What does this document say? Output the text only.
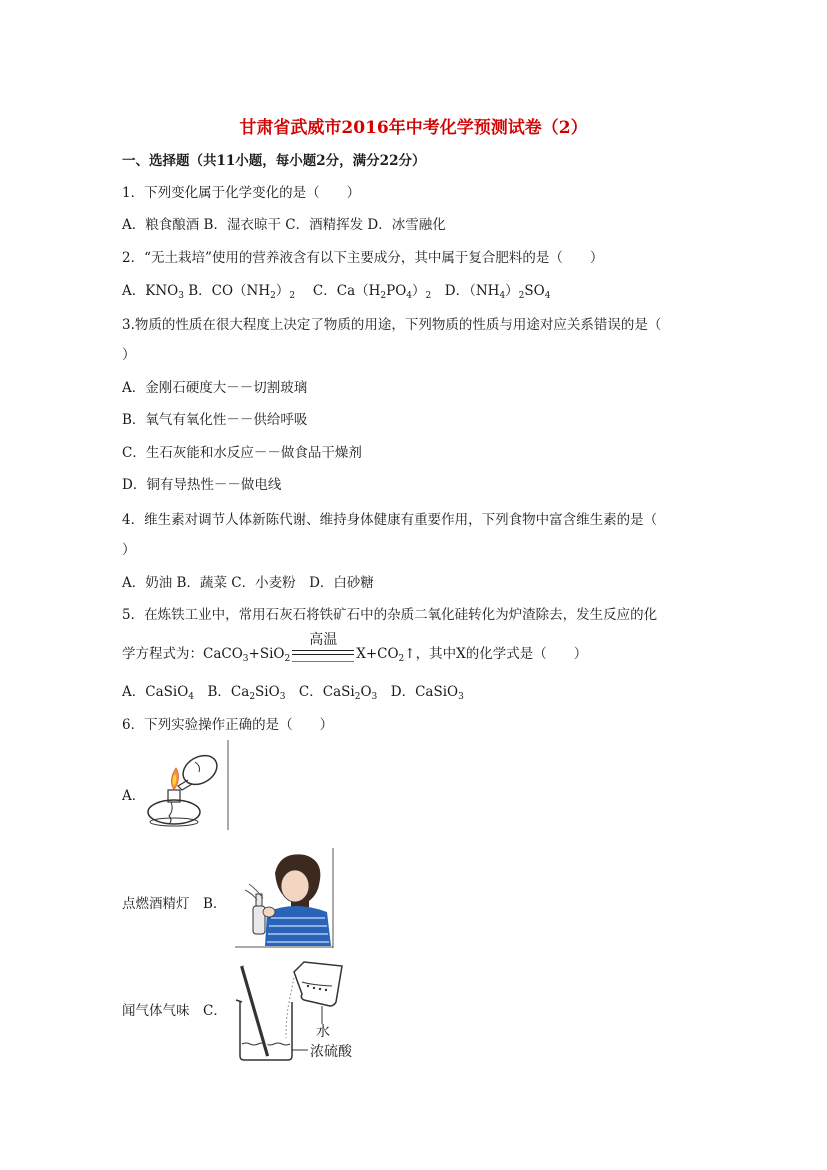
甘肃省武威市2016年中考化学预测试卷（2）
一、选择题（共11小题，每小题2分，满分22分）
1．下列变化属于化学变化的是（　　）
A．粮食酿酒 B．湿衣晾干 C．酒精挥发 D．冰雪融化
2．“无土栽培”使用的营养液含有以下主要成分，其中属于复合肥料的是（　　）
A．$KNO_3$ B．$CO(NH_2)_2$　 C．$Ca(H_2PO_4)_2$　D．$(NH_4)_2SO_4$
3.物质的性质在很大程度上决定了物质的用途，下列物质的性质与用途对应关系错误的是（
）
A．金刚石硬度大－－切割玻璃
B．氧气有氧化性－－供给呼吸
C．生石灰能和水反应－－做食品干燥剂
D．铜有导热性－－做电线
4．维生素对调节人体新陈代谢、维持身体健康有重要作用，下列食物中富含维生素的是（
）
A．奶油 B．蔬菜 C．小麦粉　D．白砂糖
5．在炼铁工业中，常用石灰石将铁矿石中的杂质二氧化硅转化为炉渣除去，发生反应的化
学方程式为：CaCO$_3$+SiO$_2$
高温
$X+CO_2↑$，其中X的化学式是（　　）
A．CaSiO$_4$　B．$Ca_2SiO_3$　C．$CaSi_2O_3$　D．CaSiO$_3$
6．下列实验操作正确的是（　　）
A．
点燃酒精灯  B．
闻气体气味  C．
水
浓硫酸
